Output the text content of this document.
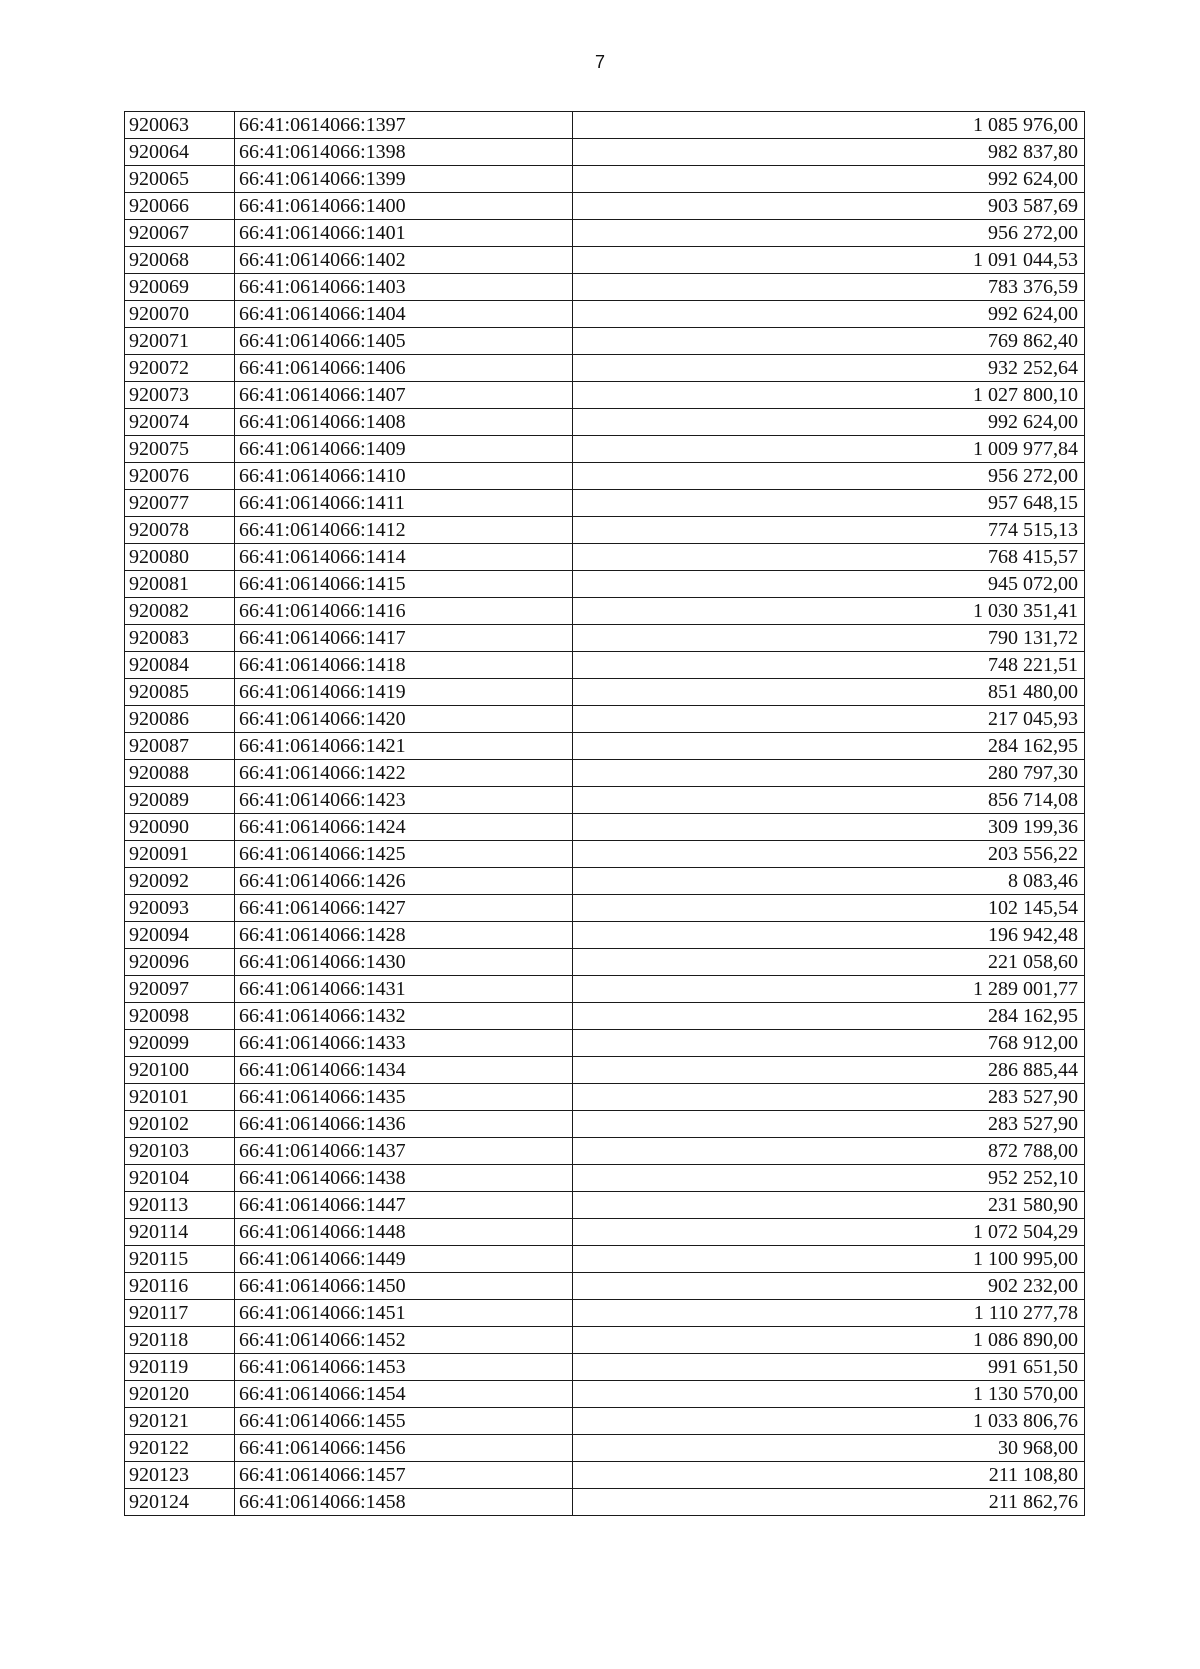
7
920063	66:41:0614066:1397	1 085 976,00
920064	66:41:0614066:1398	982 837,80
920065	66:41:0614066:1399	992 624,00
920066	66:41:0614066:1400	903 587,69
920067	66:41:0614066:1401	956 272,00
920068	66:41:0614066:1402	1 091 044,53
920069	66:41:0614066:1403	783 376,59
920070	66:41:0614066:1404	992 624,00
920071	66:41:0614066:1405	769 862,40
920072	66:41:0614066:1406	932 252,64
920073	66:41:0614066:1407	1 027 800,10
920074	66:41:0614066:1408	992 624,00
920075	66:41:0614066:1409	1 009 977,84
920076	66:41:0614066:1410	956 272,00
920077	66:41:0614066:1411	957 648,15
920078	66:41:0614066:1412	774 515,13
920080	66:41:0614066:1414	768 415,57
920081	66:41:0614066:1415	945 072,00
920082	66:41:0614066:1416	1 030 351,41
920083	66:41:0614066:1417	790 131,72
920084	66:41:0614066:1418	748 221,51
920085	66:41:0614066:1419	851 480,00
920086	66:41:0614066:1420	217 045,93
920087	66:41:0614066:1421	284 162,95
920088	66:41:0614066:1422	280 797,30
920089	66:41:0614066:1423	856 714,08
920090	66:41:0614066:1424	309 199,36
920091	66:41:0614066:1425	203 556,22
920092	66:41:0614066:1426	8 083,46
920093	66:41:0614066:1427	102 145,54
920094	66:41:0614066:1428	196 942,48
920096	66:41:0614066:1430	221 058,60
920097	66:41:0614066:1431	1 289 001,77
920098	66:41:0614066:1432	284 162,95
920099	66:41:0614066:1433	768 912,00
920100	66:41:0614066:1434	286 885,44
920101	66:41:0614066:1435	283 527,90
920102	66:41:0614066:1436	283 527,90
920103	66:41:0614066:1437	872 788,00
920104	66:41:0614066:1438	952 252,10
920113	66:41:0614066:1447	231 580,90
920114	66:41:0614066:1448	1 072 504,29
920115	66:41:0614066:1449	1 100 995,00
920116	66:41:0614066:1450	902 232,00
920117	66:41:0614066:1451	1 110 277,78
920118	66:41:0614066:1452	1 086 890,00
920119	66:41:0614066:1453	991 651,50
920120	66:41:0614066:1454	1 130 570,00
920121	66:41:0614066:1455	1 033 806,76
920122	66:41:0614066:1456	30 968,00
920123	66:41:0614066:1457	211 108,80
920124	66:41:0614066:1458	211 862,76
